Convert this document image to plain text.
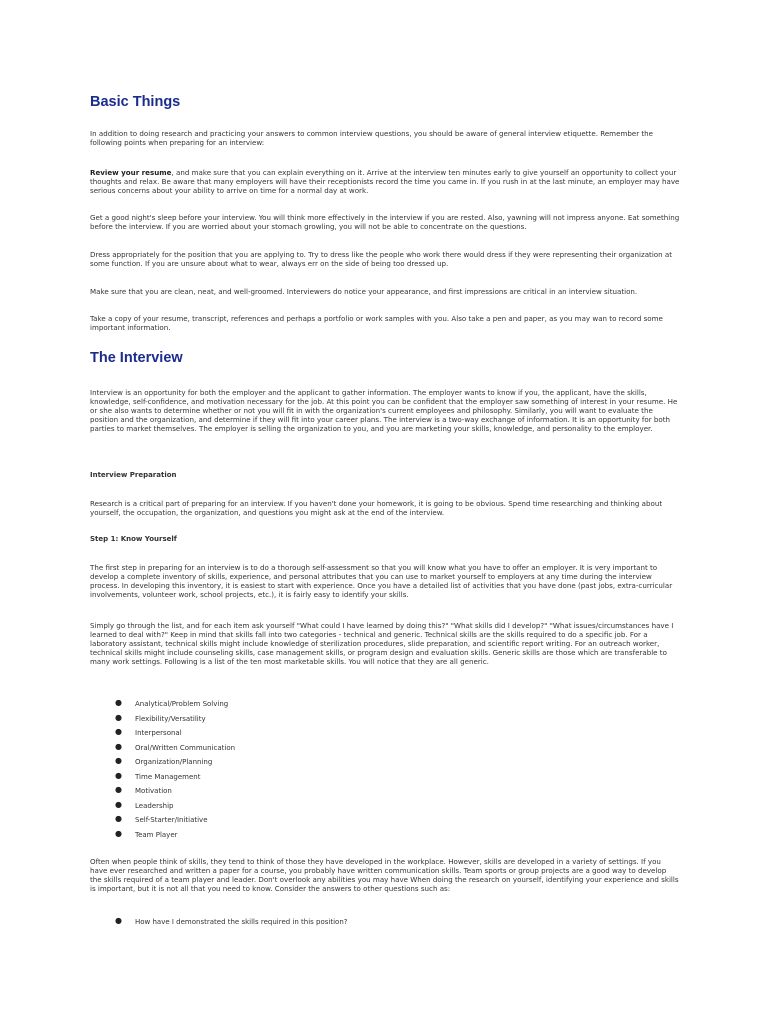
Basic Things

In addition to doing research and practicing your answers to common interview questions, you should be aware of general interview etiquette. Remember the following points when preparing for an interview:

Review your resume, and make sure that you can explain everything on it. Arrive at the interview ten minutes early to give yourself an opportunity to collect your thoughts and relax. Be aware that many employers will have their receptionists record the time you came in. If you rush in at the last minute, an employer may have serious concerns about your ability to arrive on time for a normal day at work.

Get a good night's sleep before your interview. You will think more effectively in the interview if you are rested. Also, yawning will not impress anyone. Eat something before the interview. If you are worried about your stomach growling, you will not be able to concentrate on the questions.

Dress appropriately for the position that you are applying to. Try to dress like the people who work there would dress if they were representing their organization at some function. If you are unsure about what to wear, always err on the side of being too dressed up.

Make sure that you are clean, neat, and well-groomed. Interviewers do notice your appearance, and first impressions are critical in an interview situation.

Take a copy of your resume, transcript, references and perhaps a portfolio or work samples with you. Also take a pen and paper, as you may wan to record some important information.

The Interview

Interview is an opportunity for both the employer and the applicant to gather information. The employer wants to know if you, the applicant, have the skills, knowledge, self-confidence, and motivation necessary for the job. At this point you can be confident that the employer saw something of interest in your resume. He or she also wants to determine whether or not you will fit in with the organization's current employees and philosophy. Similarly, you will want to evaluate the position and the organization, and determine if they will fit into your career plans. The interview is a two-way exchange of information. It is an opportunity for both parties to market themselves. The employer is selling the organization to you, and you are marketing your skills, knowledge, and personality to the employer.

Interview Preparation

Research is a critical part of preparing for an interview. If you haven't done your homework, it is going to be obvious. Spend time researching and thinking about yourself, the occupation, the organization, and questions you might ask at the end of the interview.

Step 1: Know Yourself

The first step in preparing for an interview is to do a thorough self-assessment so that you will know what you have to offer an employer. It is very important to develop a complete inventory of skills, experience, and personal attributes that you can use to market yourself to employers at any time during the interview process. In developing this inventory, it is easiest to start with experience. Once you have a detailed list of activities that you have done (past jobs, extra-curricular involvements, volunteer work, school projects, etc.), it is fairly easy to identify your skills.

Simply go through the list, and for each item ask yourself "What could I have learned by doing this?" "What skills did I develop?" "What issues/circumstances have I learned to deal with?" Keep in mind that skills fall into two categories - technical and generic. Technical skills are the skills required to do a specific job. For a laboratory assistant, technical skills might include knowledge of sterilization procedures, slide preparation, and scientific report writing. For an outreach worker, technical skills might include counseling skills, case management skills, or program design and evaluation skills. Generic skills are those which are transferable to many work settings. Following is a list of the ten most marketable skills. You will notice that they are all generic.

● Analytical/Problem Solving
● Flexibility/Versatility
● Interpersonal
● Oral/Written Communication
● Organization/Planning
● Time Management
● Motivation
● Leadership
● Self-Starter/Initiative
● Team Player

Often when people think of skills, they tend to think of those they have developed in the workplace. However, skills are developed in a variety of settings. If you have ever researched and written a paper for a course, you probably have written communication skills. Team sports or group projects are a good way to develop the skills required of a team player and leader. Don't overlook any abilities you may have When doing the research on yourself, identifying your experience and skills is important, but it is not all that you need to know. Consider the answers to other questions such as:

● How have I demonstrated the skills required in this position?
